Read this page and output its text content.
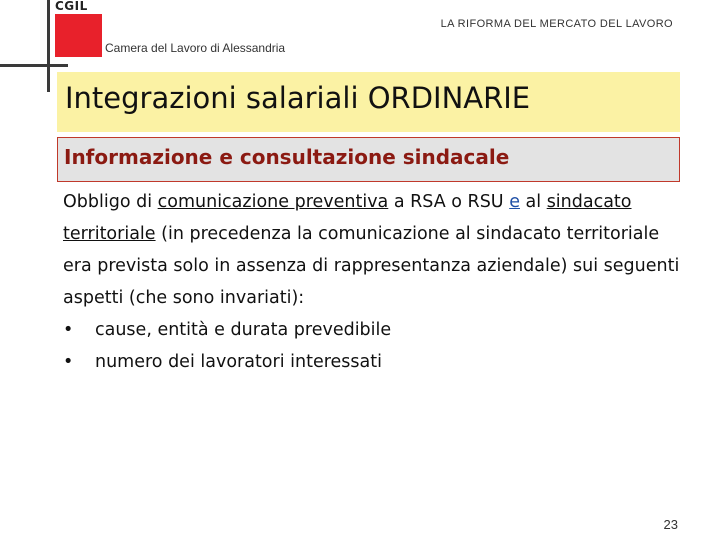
CGIL
Camera del Lavoro di Alessandria
LA RIFORMA DEL MERCATO DEL LAVORO
Integrazioni salariali ORDINARIE
Informazione e consultazione sindacale
Obbligo di comunicazione preventiva a RSA o RSU e al sindacato territoriale (in precedenza la comunicazione al sindacato territoriale era prevista solo in assenza di rappresentanza aziendale) sui seguenti aspetti (che sono invariati):
• cause, entità e durata prevedibile
• numero dei lavoratori interessati
23
